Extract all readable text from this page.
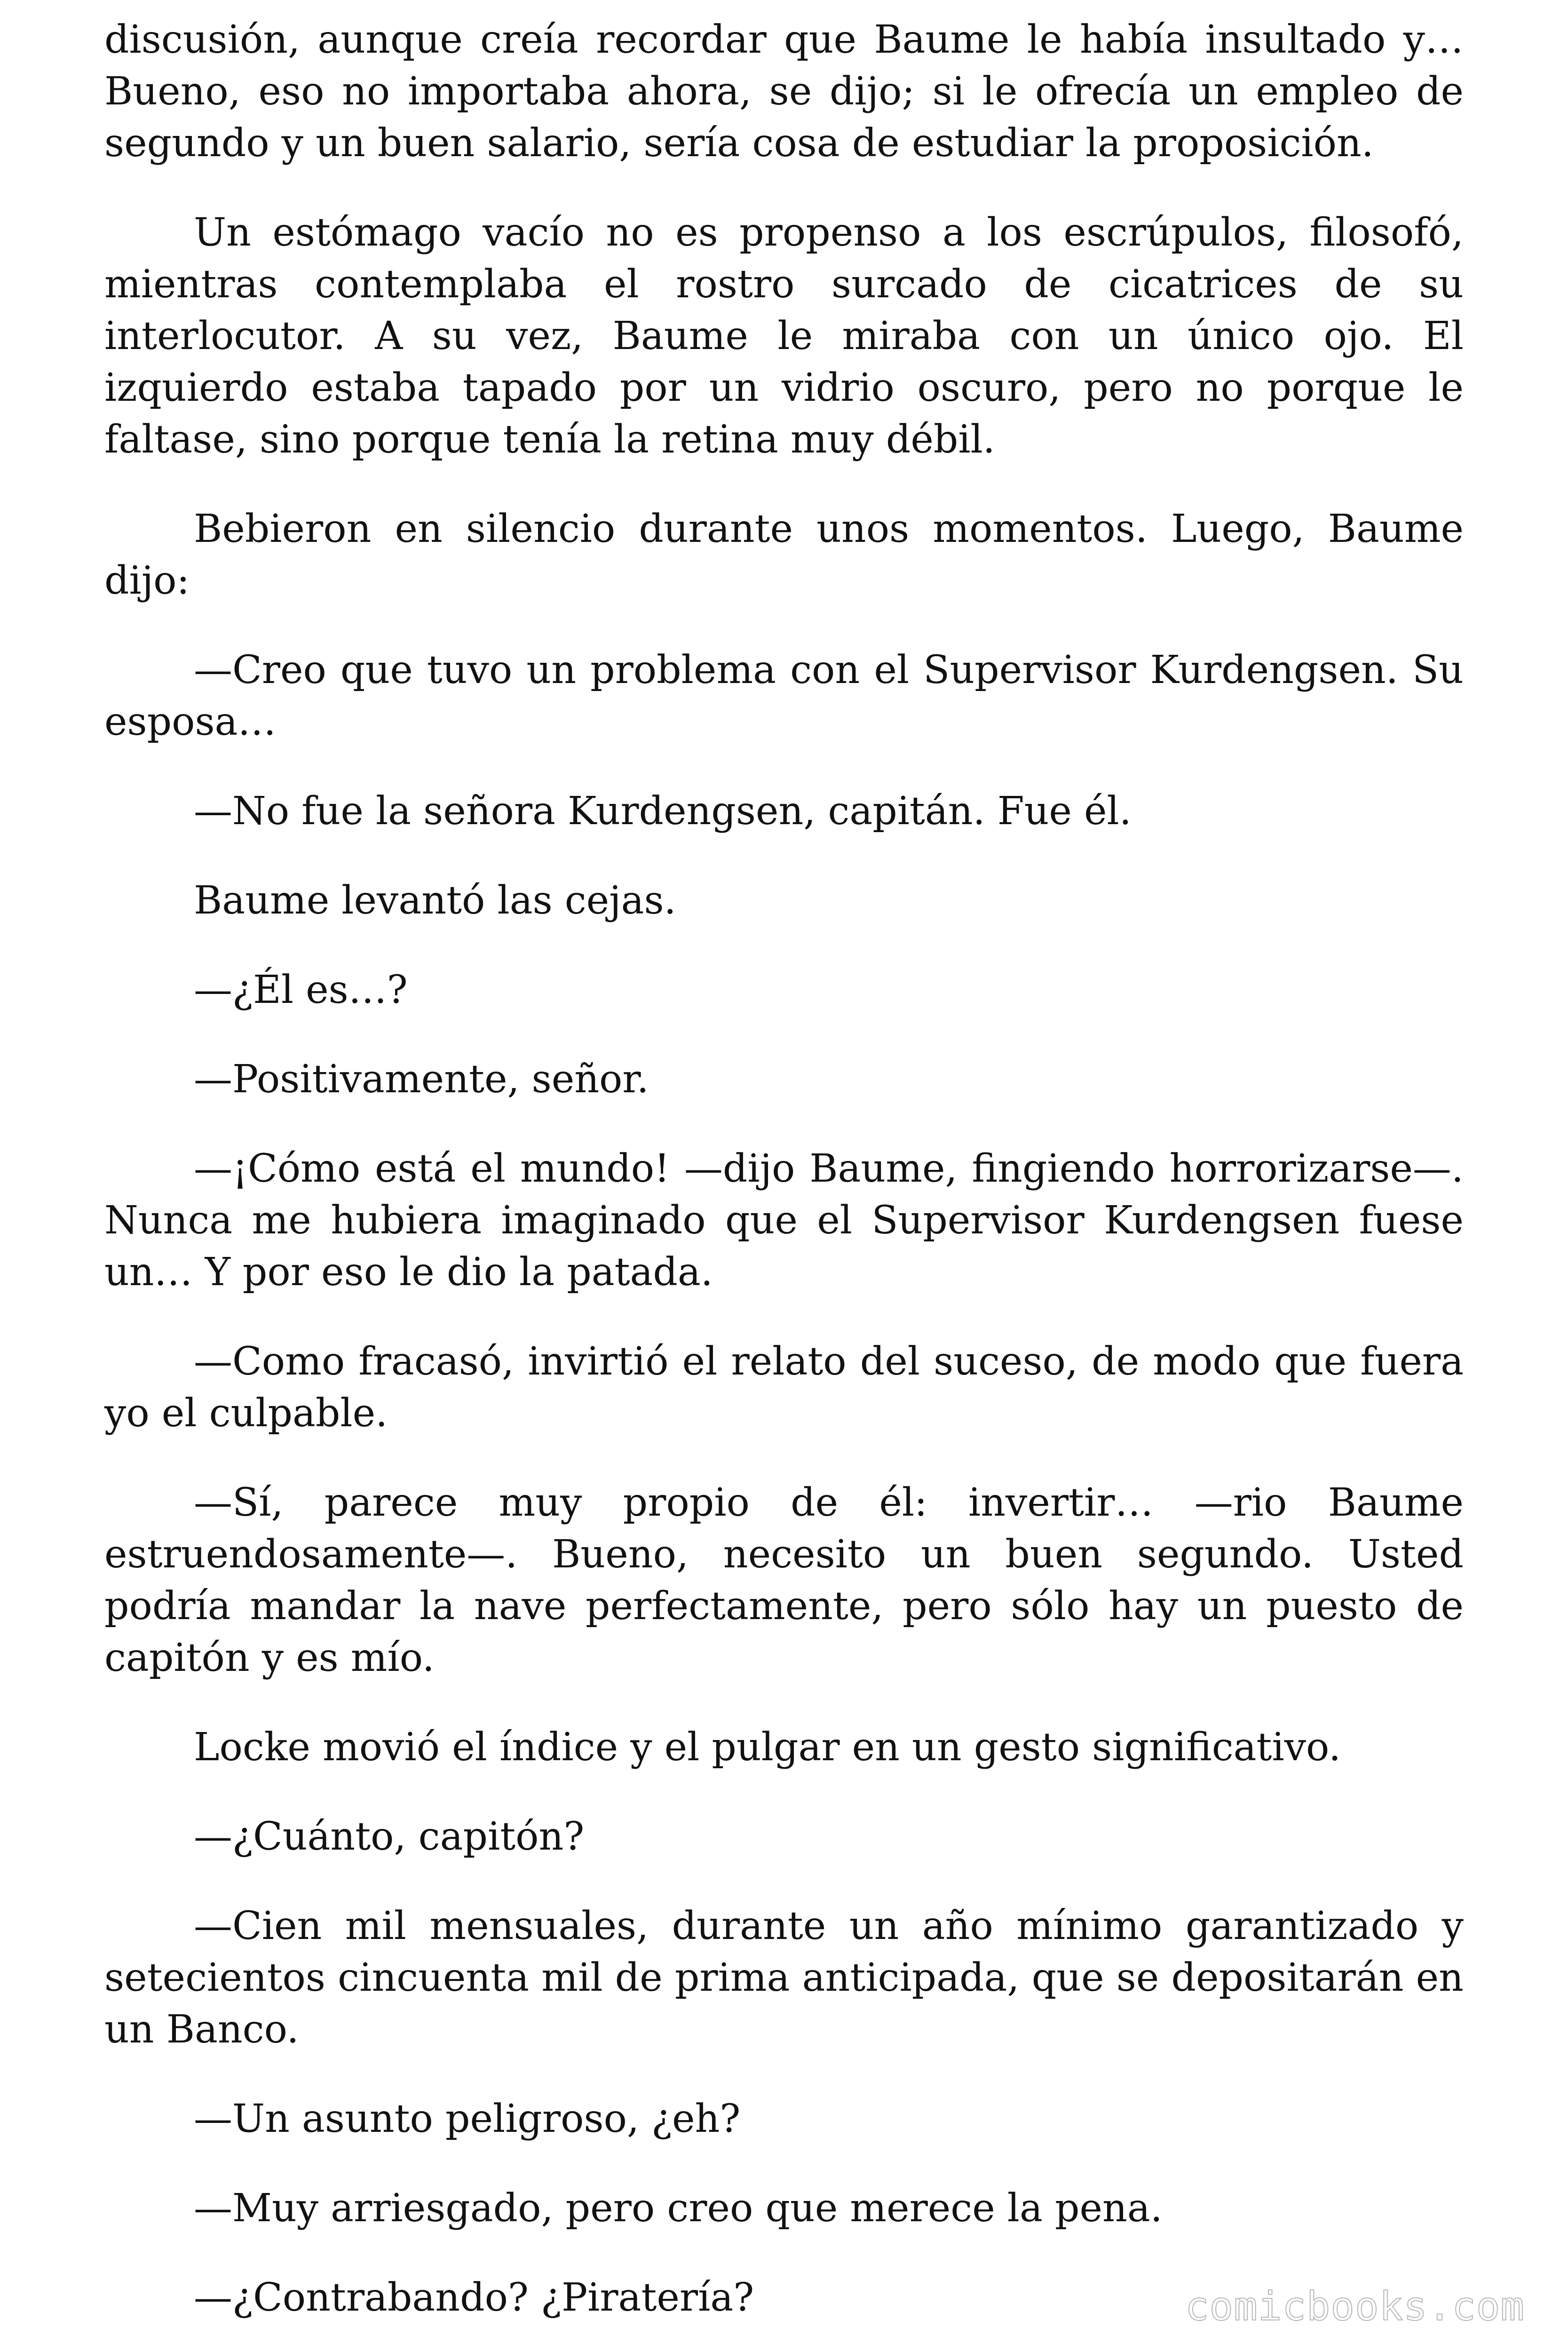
discusión, aunque creía recordar que Baume le había insultado y… Bueno, eso no importaba ahora, se dijo; si le ofrecía un empleo de segundo y un buen salario, sería cosa de estudiar la proposición.

Un estómago vacío no es propenso a los escrúpulos, filosofó, mientras contemplaba el rostro surcado de cicatrices de su interlocutor. A su vez, Baume le miraba con un único ojo. El izquierdo estaba tapado por un vidrio oscuro, pero no porque le faltase, sino porque tenía la retina muy débil.

Bebieron en silencio durante unos momentos. Luego, Baume dijo:

—Creo que tuvo un problema con el Supervisor Kurdengsen. Su esposa…

—No fue la señora Kurdengsen, capitán. Fue él.

Baume levantó las cejas.

—¿Él es…?

—Positivamente, señor.

—¡Cómo está el mundo! —dijo Baume, fingiendo horrorizarse—. Nunca me hubiera imaginado que el Supervisor Kurdengsen fuese un… Y por eso le dio la patada.

—Como fracasó, invirtió el relato del suceso, de modo que fuera yo el culpable.

—Sí, parece muy propio de él: invertir… —rio Baume estruendosamente—. Bueno, necesito un buen segundo. Usted podría mandar la nave perfectamente, pero sólo hay un puesto de capitón y es mío.

Locke movió el índice y el pulgar en un gesto significativo.

—¿Cuánto, capitón?

—Cien mil mensuales, durante un año mínimo garantizado y setecientos cincuenta mil de prima anticipada, que se depositarán en un Banco.

—Un asunto peligroso, ¿eh?

—Muy arriesgado, pero creo que merece la pena.

—¿Contrabando? ¿Piratería?	comicbooks.com
